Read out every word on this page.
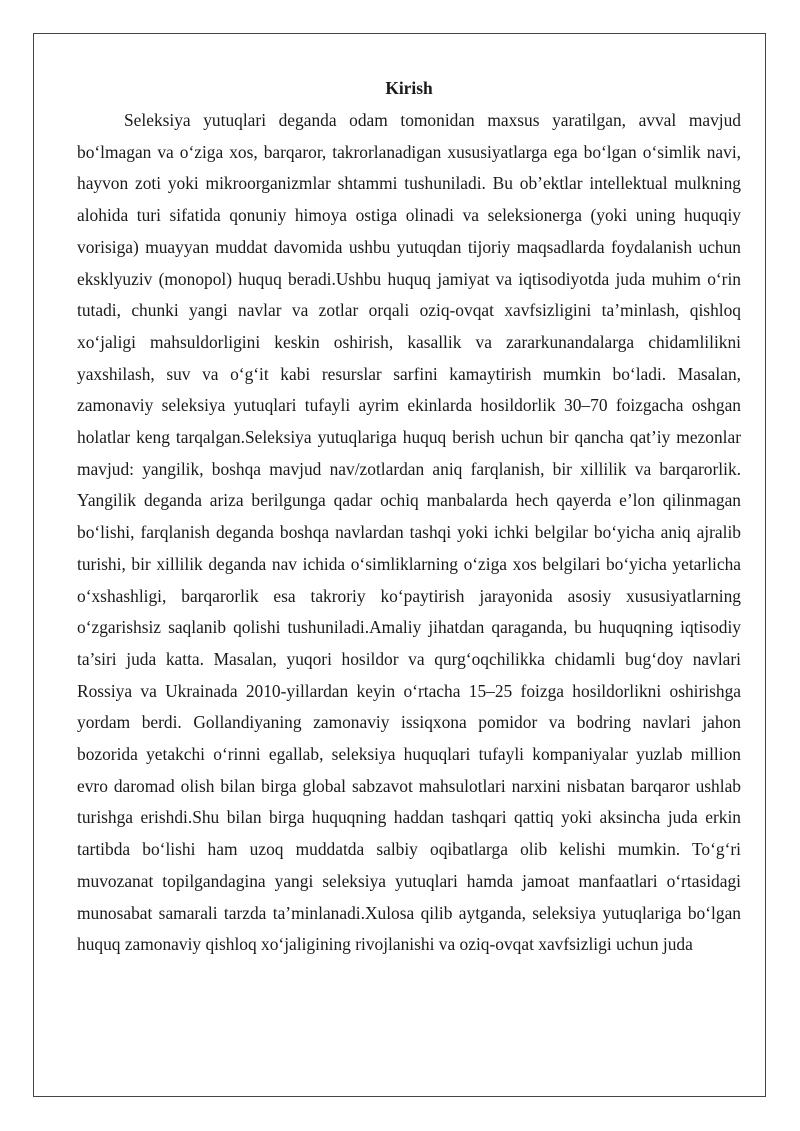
Kirish

Seleksiya yutuqlari deganda odam tomonidan maxsus yaratilgan, avval mavjud bo‘lmagan va o‘ziga xos, barqaror, takrorlanadigan xususiyatlarga ega bo‘lgan o‘simlik navi, hayvon zoti yoki mikroorganizmlar shtammi tushuniladi. Bu ob’ektlar intellektual mulkning alohida turi sifatida qonuniy himoya ostiga olinadi va seleksionerga (yoki uning huquqiy vorisiga) muayyan muddat davomida ushbu yutuqdan tijoriy maqsadlarda foydalanish uchun eksklyuziv (monopol) huquq beradi.Ushbu huquq jamiyat va iqtisodiyotda juda muhim o‘rin tutadi, chunki yangi navlar va zotlar orqali oziq-ovqat xavfsizligini ta’minlash, qishloq xo‘jaligi mahsuldorligini keskin oshirish, kasallik va zararkunandalarga chidamlilikni yaxshilash, suv va o‘g‘it kabi resurslar sarfini kamaytirish mumkin bo‘ladi. Masalan, zamonaviy seleksiya yutuqlari tufayli ayrim ekinlarda hosildorlik 30–70 foizgacha oshgan holatlar keng tarqalgan.Seleksiya yutuqlariga huquq berish uchun bir qancha qat’iy mezonlar mavjud: yangilik, boshqa mavjud nav/zotlardan aniq farqlanish, bir xillilik va barqarorlik. Yangilik deganda ariza berilgunga qadar ochiq manbalarda hech qayerda e’lon qilinmagan bo‘lishi, farqlanish deganda boshqa navlardan tashqi yoki ichki belgilar bo‘yicha aniq ajralib turishi, bir xillilik deganda nav ichida o‘simliklarning o‘ziga xos belgilari bo‘yicha yetarlicha o‘xshashligi, barqarorlik esa takroriy ko‘paytirish jarayonida asosiy xususiyatlarning o‘zgarishsiz saqlanib qolishi tushuniladi.Amaliy jihatdan qaraganda, bu huquqning iqtisodiy ta’siri juda katta. Masalan, yuqori hosildor va qurg‘oqchilikka chidamli bug‘doy navlari Rossiya va Ukrainada 2010-yillardan keyin o‘rtacha 15–25 foizga hosildorlikni oshirishga yordam berdi. Gollandiyaning zamonaviy issiqxona pomidor va bodring navlari jahon bozorida yetakchi o‘rinni egallab, seleksiya huquqlari tufayli kompaniyalar yuzlab million evro daromad olish bilan birga global sabzavot mahsulotlari narxini nisbatan barqaror ushlab turishga erishdi.Shu bilan birga huquqning haddan tashqari qattiq yoki aksincha juda erkin tartibda bo‘lishi ham uzoq muddatda salbiy oqibatlarga olib kelishi mumkin. To‘g‘ri muvozanat topilgandagina yangi seleksiya yutuqlari hamda jamoat manfaatlari o‘rtasidagi munosabat samarali tarzda ta’minlanadi.Xulosa qilib aytganda, seleksiya yutuqlariga bo‘lgan huquq zamonaviy qishloq xo‘jaligining rivojlanishi va oziq-ovqat xavfsizligi uchun juda
